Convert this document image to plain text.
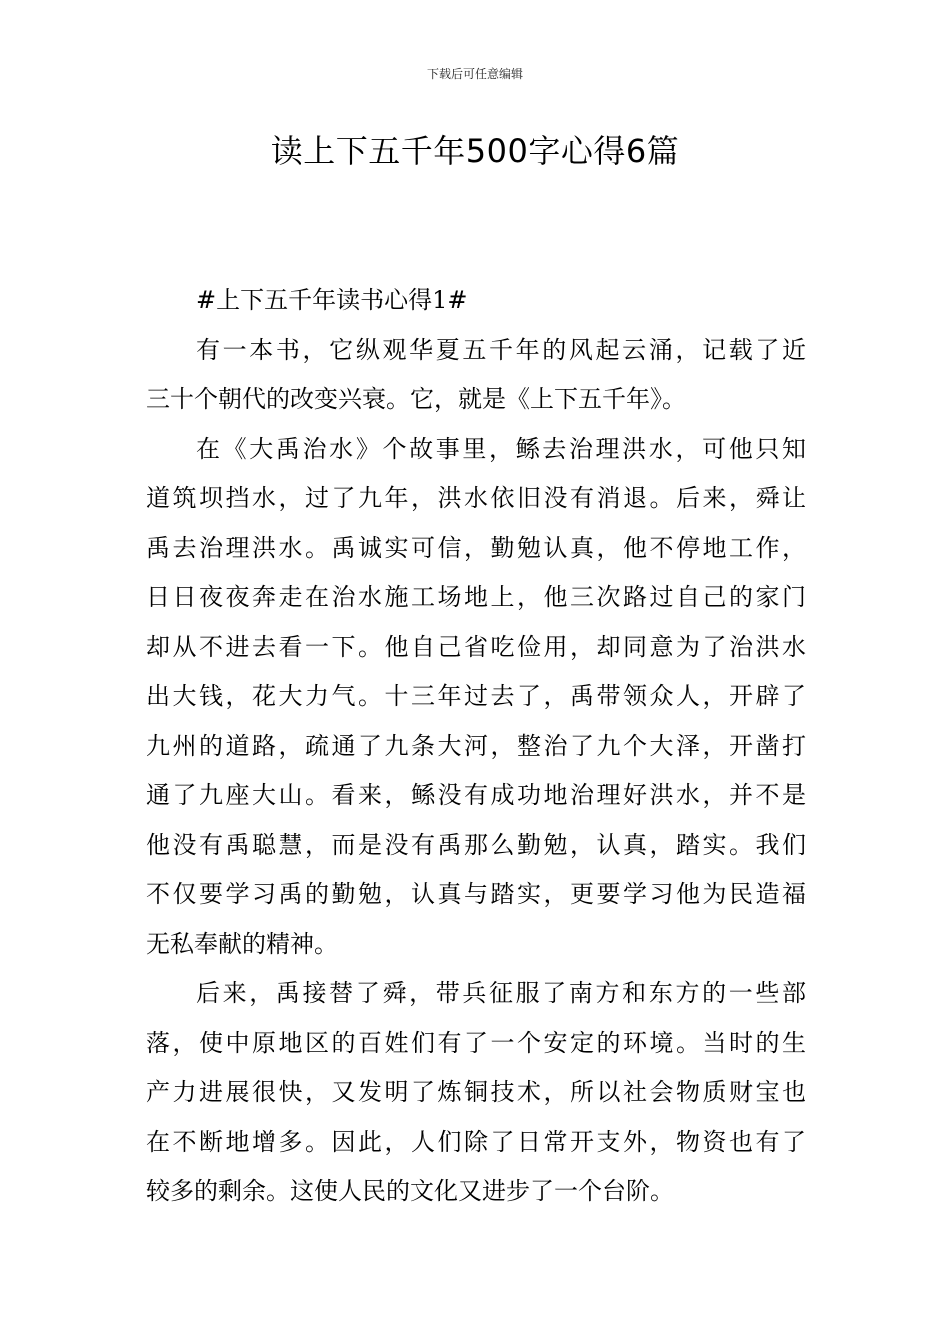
下载后可任意编辑
读上下五千年500字心得6篇
#上下五千年读书心得1#
有一本书，它纵观华夏五千年的风起云涌，记载了近
三十个朝代的改变兴衰。它，就是《上下五千年》。
在《大禹治水》个故事里，鲧去治理洪水，可他只知
道筑坝挡水，过了九年，洪水依旧没有消退。后来，舜让
禹去治理洪水。禹诚实可信，勤勉认真，他不停地工作，
日日夜夜奔走在治水施工场地上，他三次路过自己的家门
却从不进去看一下。他自己省吃俭用，却同意为了治洪水
出大钱，花大力气。十三年过去了，禹带领众人，开辟了
九州的道路，疏通了九条大河，整治了九个大泽，开凿打
通了九座大山。看来，鲧没有成功地治理好洪水，并不是
他没有禹聪慧，而是没有禹那么勤勉，认真，踏实。我们
不仅要学习禹的勤勉，认真与踏实，更要学习他为民造福
无私奉献的精神。
后来，禹接替了舜，带兵征服了南方和东方的一些部
落，使中原地区的百姓们有了一个安定的环境。当时的生
产力进展很快，又发明了炼铜技术，所以社会物质财宝也
在不断地增多。因此，人们除了日常开支外，物资也有了
较多的剩余。这使人民的文化又进步了一个台阶。
